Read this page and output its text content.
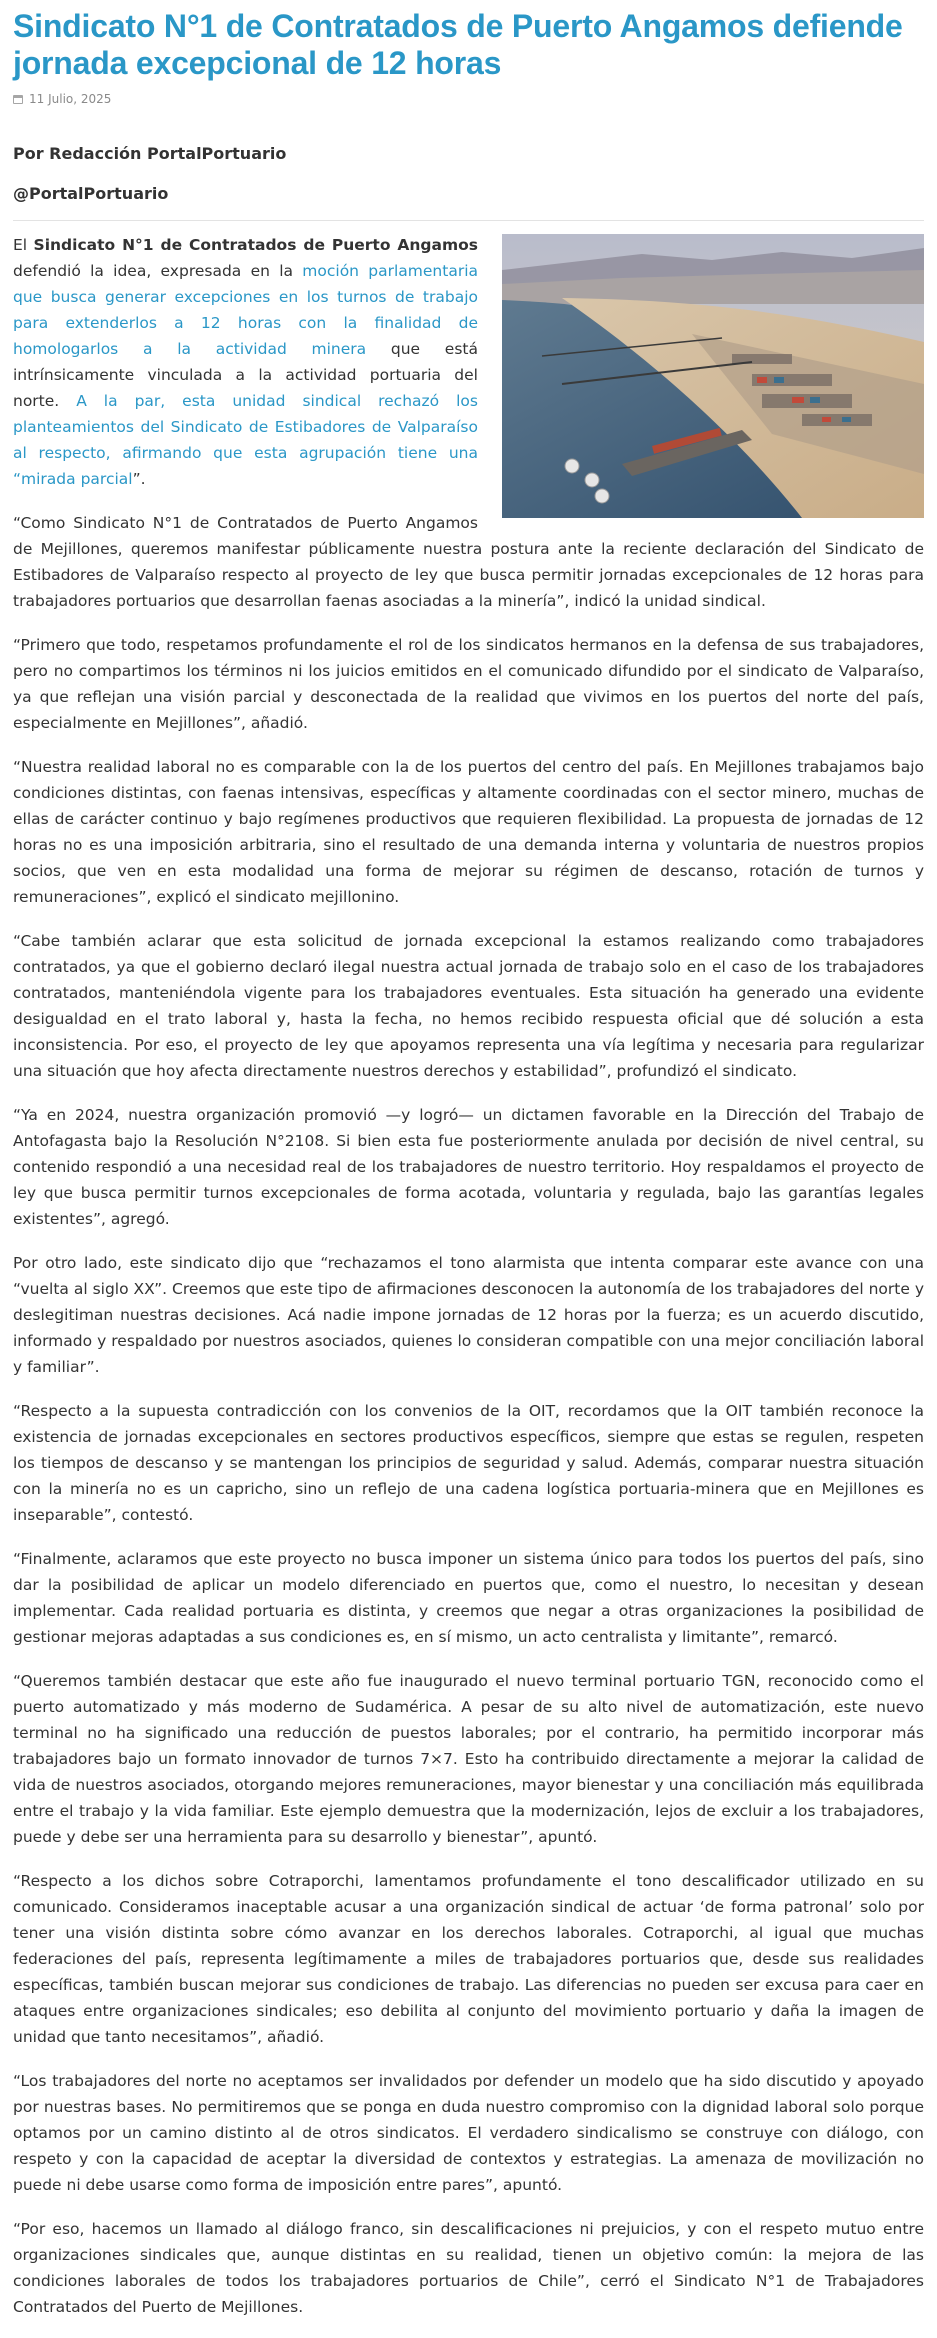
Sindicato N°1 de Contratados de Puerto Angamos defiende jornada excepcional de 12 horas
11 Julio, 2025
Por Redacción PortalPortuario
@PortalPortuario

El Sindicato N°1 de Contratados de Puerto Angamos defendió la idea, expresada en la moción parlamentaria que busca generar excepciones en los turnos de trabajo para extenderlos a 12 horas con la finalidad de homologarlos a la actividad minera que está intrínsicamente vinculada a la actividad portuaria del norte. A la par, esta unidad sindical rechazó los planteamientos del Sindicato de Estibadores de Valparaíso al respecto, afirmando que esta agrupación tiene una “mirada parcial”.

“Como Sindicato N°1 de Contratados de Puerto Angamos de Mejillones, queremos manifestar públicamente nuestra postura ante la reciente declaración del Sindicato de Estibadores de Valparaíso respecto al proyecto de ley que busca permitir jornadas excepcionales de 12 horas para trabajadores portuarios que desarrollan faenas asociadas a la minería”, indicó la unidad sindical.

“Primero que todo, respetamos profundamente el rol de los sindicatos hermanos en la defensa de sus trabajadores, pero no compartimos los términos ni los juicios emitidos en el comunicado difundido por el sindicato de Valparaíso, ya que reflejan una visión parcial y desconectada de la realidad que vivimos en los puertos del norte del país, especialmente en Mejillones”, añadió.

“Nuestra realidad laboral no es comparable con la de los puertos del centro del país. En Mejillones trabajamos bajo condiciones distintas, con faenas intensivas, específicas y altamente coordinadas con el sector minero, muchas de ellas de carácter continuo y bajo regímenes productivos que requieren flexibilidad. La propuesta de jornadas de 12 horas no es una imposición arbitraria, sino el resultado de una demanda interna y voluntaria de nuestros propios socios, que ven en esta modalidad una forma de mejorar su régimen de descanso, rotación de turnos y remuneraciones”, explicó el sindicato mejillonino.

“Cabe también aclarar que esta solicitud de jornada excepcional la estamos realizando como trabajadores contratados, ya que el gobierno declaró ilegal nuestra actual jornada de trabajo solo en el caso de los trabajadores contratados, manteniéndola vigente para los trabajadores eventuales. Esta situación ha generado una evidente desigualdad en el trato laboral y, hasta la fecha, no hemos recibido respuesta oficial que dé solución a esta inconsistencia. Por eso, el proyecto de ley que apoyamos representa una vía legítima y necesaria para regularizar una situación que hoy afecta directamente nuestros derechos y estabilidad”, profundizó el sindicato.

“Ya en 2024, nuestra organización promovió —y logró— un dictamen favorable en la Dirección del Trabajo de Antofagasta bajo la Resolución N°2108. Si bien esta fue posteriormente anulada por decisión de nivel central, su contenido respondió a una necesidad real de los trabajadores de nuestro territorio. Hoy respaldamos el proyecto de ley que busca permitir turnos excepcionales de forma acotada, voluntaria y regulada, bajo las garantías legales existentes”, agregó.

Por otro lado, este sindicato dijo que “rechazamos el tono alarmista que intenta comparar este avance con una “vuelta al siglo XX”. Creemos que este tipo de afirmaciones desconocen la autonomía de los trabajadores del norte y deslegitiman nuestras decisiones. Acá nadie impone jornadas de 12 horas por la fuerza; es un acuerdo discutido, informado y respaldado por nuestros asociados, quienes lo consideran compatible con una mejor conciliación laboral y familiar”.

“Respecto a la supuesta contradicción con los convenios de la OIT, recordamos que la OIT también reconoce la existencia de jornadas excepcionales en sectores productivos específicos, siempre que estas se regulen, respeten los tiempos de descanso y se mantengan los principios de seguridad y salud. Además, comparar nuestra situación con la minería no es un capricho, sino un reflejo de una cadena logística portuaria-minera que en Mejillones es inseparable”, contestó.

“Finalmente, aclaramos que este proyecto no busca imponer un sistema único para todos los puertos del país, sino dar la posibilidad de aplicar un modelo diferenciado en puertos que, como el nuestro, lo necesitan y desean implementar. Cada realidad portuaria es distinta, y creemos que negar a otras organizaciones la posibilidad de gestionar mejoras adaptadas a sus condiciones es, en sí mismo, un acto centralista y limitante”, remarcó.

“Queremos también destacar que este año fue inaugurado el nuevo terminal portuario TGN, reconocido como el puerto automatizado y más moderno de Sudamérica. A pesar de su alto nivel de automatización, este nuevo terminal no ha significado una reducción de puestos laborales; por el contrario, ha permitido incorporar más trabajadores bajo un formato innovador de turnos 7×7. Esto ha contribuido directamente a mejorar la calidad de vida de nuestros asociados, otorgando mejores remuneraciones, mayor bienestar y una conciliación más equilibrada entre el trabajo y la vida familiar. Este ejemplo demuestra que la modernización, lejos de excluir a los trabajadores, puede y debe ser una herramienta para su desarrollo y bienestar”, apuntó.

“Respecto a los dichos sobre Cotraporchi, lamentamos profundamente el tono descalificador utilizado en su comunicado. Consideramos inaceptable acusar a una organización sindical de actuar ‘de forma patronal’ solo por tener una visión distinta sobre cómo avanzar en los derechos laborales. Cotraporchi, al igual que muchas federaciones del país, representa legítimamente a miles de trabajadores portuarios que, desde sus realidades específicas, también buscan mejorar sus condiciones de trabajo. Las diferencias no pueden ser excusa para caer en ataques entre organizaciones sindicales; eso debilita al conjunto del movimiento portuario y daña la imagen de unidad que tanto necesitamos”, añadió.

“Los trabajadores del norte no aceptamos ser invalidados por defender un modelo que ha sido discutido y apoyado por nuestras bases. No permitiremos que se ponga en duda nuestro compromiso con la dignidad laboral solo porque optamos por un camino distinto al de otros sindicatos. El verdadero sindicalismo se construye con diálogo, con respeto y con la capacidad de aceptar la diversidad de contextos y estrategias. La amenaza de movilización no puede ni debe usarse como forma de imposición entre pares”, apuntó.

“Por eso, hacemos un llamado al diálogo franco, sin descalificaciones ni prejuicios, y con el respeto mutuo entre organizaciones sindicales que, aunque distintas en su realidad, tienen un objetivo común: la mejora de las condiciones laborales de todos los trabajadores portuarios de Chile”, cerró el Sindicato N°1 de Trabajadores Contratados del Puerto de Mejillones.
